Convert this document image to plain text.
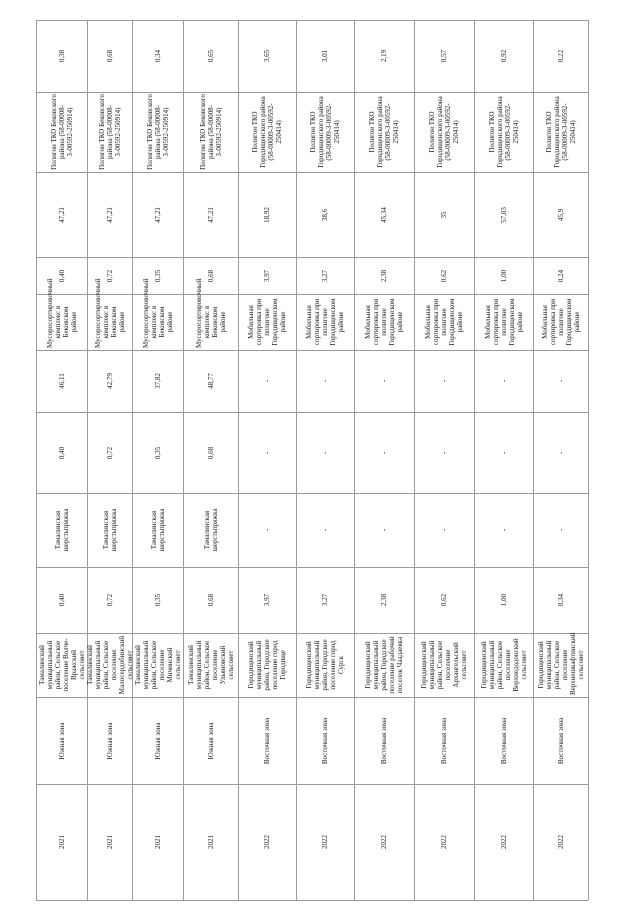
2021
Южная зона
Тамалинский муниципальный район, Сельское поселение Волче-Вражский сельсовет
0,40
Тамалинская шерстьпряжка
0,40
46,11
Мусоросортировочный комплекс в Бековском районе
0,40
47,21
Полигон ТКО Бековского района (58-00008-З-00592-250914)
0,38
2021
Южная зона
Тамалинский муниципальный район, Сельское поселение Малосердобинский сельсовет
0,72
Тамалинская шерстьпряжка
0,72
42,79
Мусоросортировочный комплекс в Бековском районе
0,72
47,21
Полигон ТКО Бековского района (58-00008-З-00592-250914)
0,68
2021
Южная зона
Тамалинский муниципальный район, Сельское поселение Мичинский сельсовет
0,35
Тамалинская шерстьпряжка
0,35
37,82
Мусоросортировочный комплекс в Бековском районе
0,35
47,21
Полигон ТКО Бековского района (58-00008-З-00592-250914)
0,34
2021
Южная зона
Тамалинский муниципальный район, Сельское поселение Ульяновский сельсовет
0,68
Тамалинская шерстьпряжка
0,68
48,77
Мусоросортировочный комплекс в Бековском районе
0,68
47,21
Полигон ТКО Бековского района (58-00008-З-00592-250914)
0,65
2022
Восточная зона
Городищенский муниципальный район, Городское поселение город Городище
3,97
-
-
-
Мобильная сортировка при полигоне Городищенском районе
3,97
18,92
Полигон ТКО Городищенского района (58-00009-З-00592-250414)
3,65
2022
Восточная зона
Городищенский муниципальный район, Городское поселение город Сурск
3,27
-
-
-
Мобильная сортировка при полигоне Городищенском районе
3,27
38,6
Полигон ТКО Городищенского района (58-00009-З-00592-250414)
3,01
2022
Восточная зона
Городищенский муниципальный район, Городское поселение рабочий поселок Чаадаевка
2,38
-
-
-
Мобильная сортировка при полигоне Городищенском районе
2,38
45,34
Полигон ТКО Городищенского района (58-00009-З-00592-250414)
2,19
2022
Восточная зона
Городищенский муниципальный район, Сельское поселение Архангельский сельсовет
0,62
-
-
-
Мобильная сортировка при полигоне Городищенском районе
0,62
35
Полигон ТКО Городищенского района (58-00009-З-00592-250414)
0,57
2022
Восточная зона
Городищенский муниципальный район, Сельское поселение Верхнедодонский сельсовет
1,00
-
-
-
Мобильная сортировка при полигоне Городищенском районе
1,00
57,03
Полигон ТКО Городищенского района (58-00009-З-00592-250414)
0,92
2022
Восточная зона
Городищенский муниципальный район, Сельское поселение Верхнешкафтинский сельсовет
0,34
-
-
-
Мобильная сортировка при полигоне Городищенском районе
0,24
45,9
Полигон ТКО Городищенского района (58-00009-З-00592-250414)
0,22
